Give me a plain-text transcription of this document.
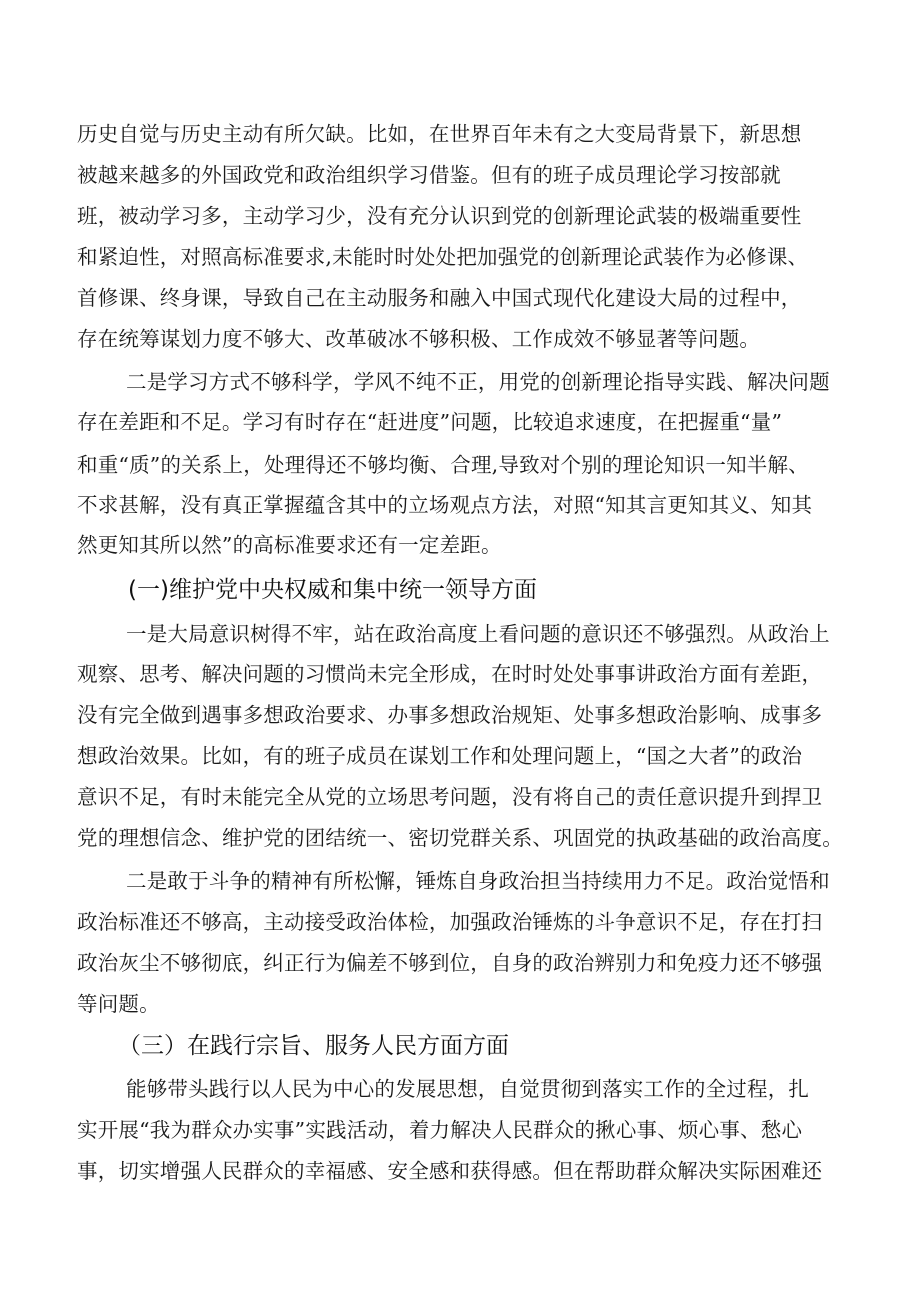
历史自觉与历史主动有所欠缺。比如，在世界百年未有之大变局背景下，新思想
被越来越多的外国政党和政治组织学习借鉴。但有的班子成员理论学习按部就
班，被动学习多，主动学习少，没有充分认识到党的创新理论武装的极端重要性
和紧迫性，对照高标准要求,未能时时处处把加强党的创新理论武装作为必修课、
首修课、终身课，导致自己在主动服务和融入中国式现代化建设大局的过程中，
存在统筹谋划力度不够大、改革破冰不够积极、工作成效不够显著等问题。
二是学习方式不够科学，学风不纯不正，用党的创新理论指导实践、解决问题
存在差距和不足。学习有时存在“赶进度”问题，比较追求速度，在把握重“量”
和重“质”的关系上，处理得还不够均衡、合理,导致对个别的理论知识一知半解、
不求甚解，没有真正掌握蕴含其中的立场观点方法，对照“知其言更知其义、知其
然更知其所以然”的高标准要求还有一定差距。
(一)维护党中央权威和集中统一领导方面
一是大局意识树得不牢，站在政治高度上看问题的意识还不够强烈。从政治上
观察、思考、解决问题的习惯尚未完全形成，在时时处处事事讲政治方面有差距，
没有完全做到遇事多想政治要求、办事多想政治规矩、处事多想政治影响、成事多
想政治效果。比如，有的班子成员在谋划工作和处理问题上，“国之大者”的政治
意识不足，有时未能完全从党的立场思考问题，没有将自己的责任意识提升到捍卫
党的理想信念、维护党的团结统一、密切党群关系、巩固党的执政基础的政治高度。
二是敢于斗争的精神有所松懈，锤炼自身政治担当持续用力不足。政治觉悟和
政治标准还不够高，主动接受政治体检，加强政治锤炼的斗争意识不足，存在打扫
政治灰尘不够彻底，纠正行为偏差不够到位，自身的政治辨别力和免疫力还不够强
等问题。
（三）在践行宗旨、服务人民方面方面
能够带头践行以人民为中心的发展思想，自觉贯彻到落实工作的全过程，扎
实开展“我为群众办实事”实践活动，着力解决人民群众的揪心事、烦心事、愁心
事，切实增强人民群众的幸福感、安全感和获得感。但在帮助群众解决实际困难还
